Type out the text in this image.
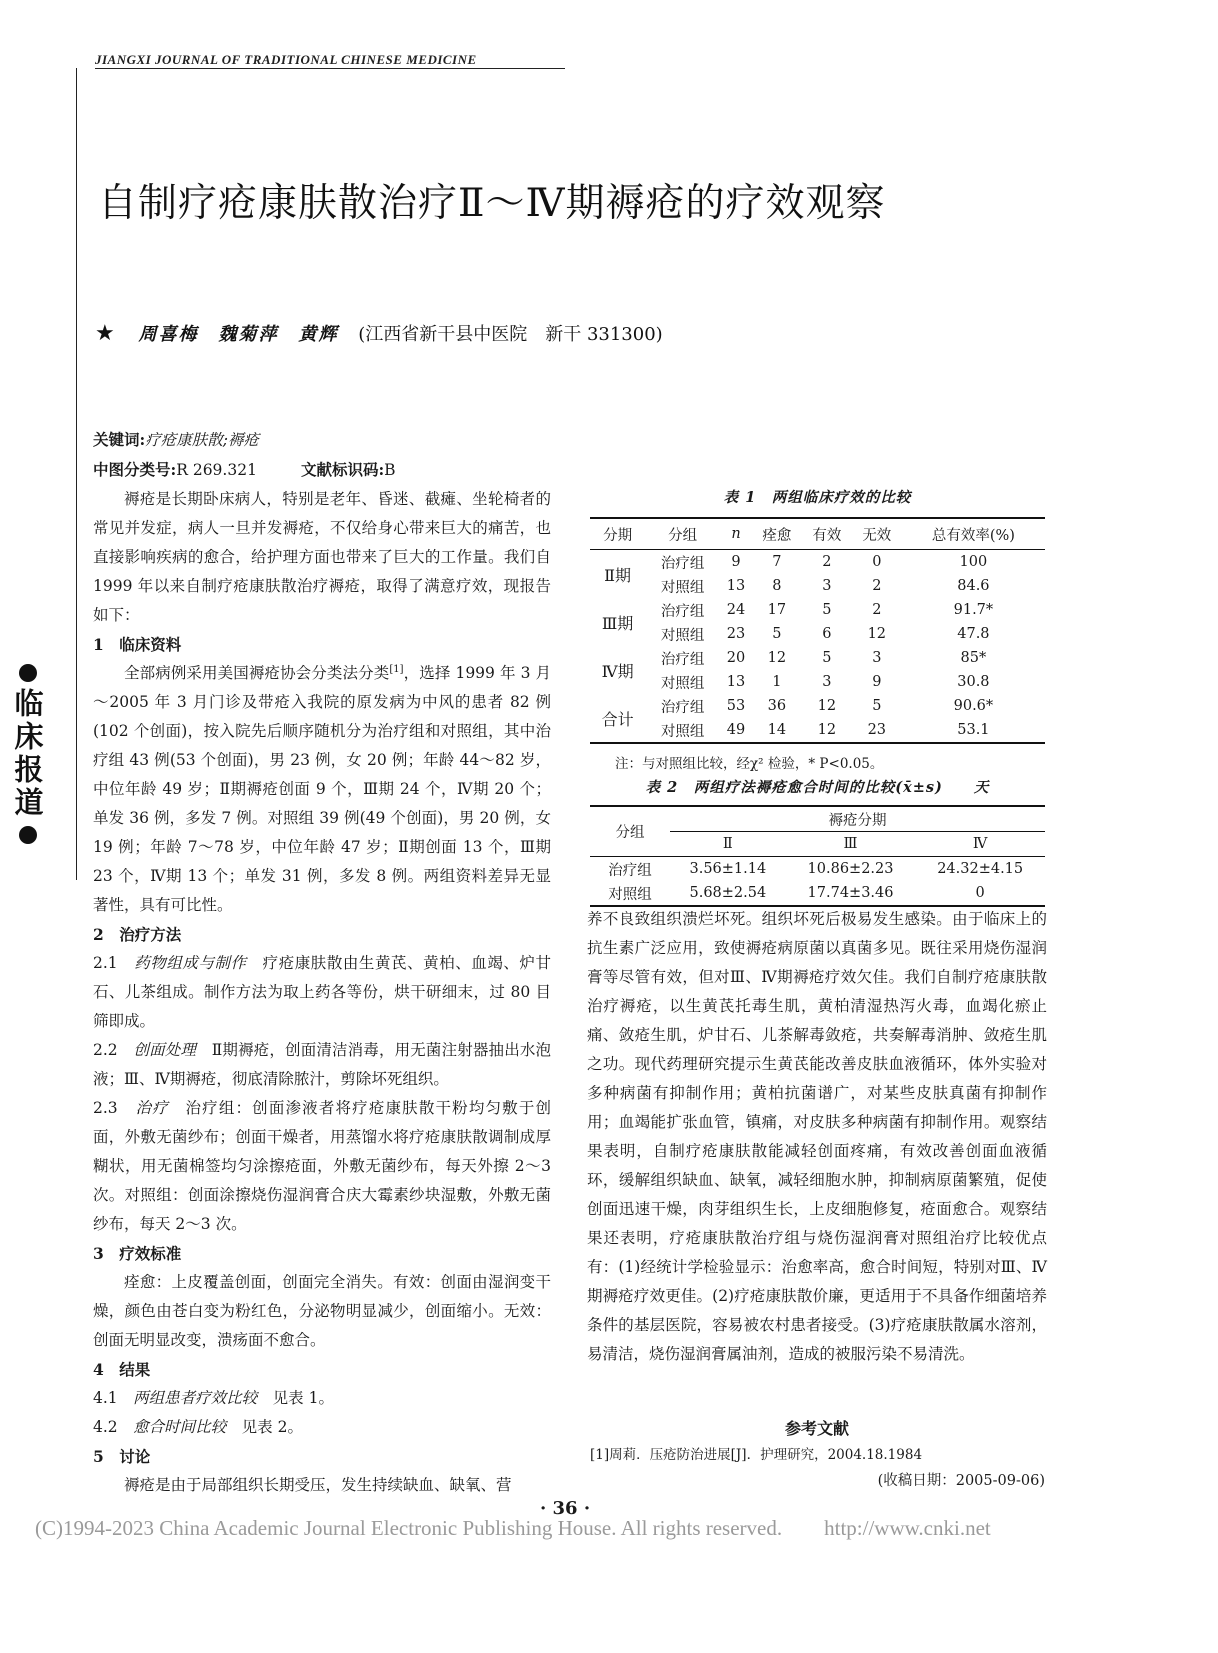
JIANGXI JOURNAL OF TRADITIONAL CHINESE MEDICINE
自制疗疮康肤散治疗Ⅱ～Ⅳ期褥疮的疗效观察
★ 周喜梅　魏菊萍　黄辉 (江西省新干县中医院　新干 331300)
临床报道

关键词:疗疮康肤散;褥疮

中图分类号:R 269.321	文献标识码:B

褥疮是长期卧床病人，特别是老年、昏迷、截瘫、坐轮椅者的常见并发症，病人一旦并发褥疮，不仅给身心带来巨大的痛苦，也直接影响疾病的愈合，给护理方面也带来了巨大的工作量。我们自 1999 年以来自制疗疮康肤散治疗褥疮，取得了满意疗效，现报告如下：

1　临床资料

全部病例采用美国褥疮协会分类法分类[1]，选择 1999 年 3 月～2005 年 3 月门诊及带疮入我院的原发病为中风的患者 82 例(102 个创面)，按入院先后顺序随机分为治疗组和对照组，其中治疗组 43 例(53 个创面)，男 23 例，女 20 例；年龄 44～82 岁，中位年龄 49 岁；Ⅱ期褥疮创面 9 个，Ⅲ期 24 个，Ⅳ期 20 个；单发 36 例，多发 7 例。对照组 39 例(49 个创面)，男 20 例，女 19 例；年龄 7～78 岁，中位年龄 47 岁；Ⅱ期创面 13 个，Ⅲ期 23 个，Ⅳ期 13 个；单发 31 例，多发 8 例。两组资料差异无显著性，具有可比性。

2　治疗方法

2.1　药物组成与制作　疗疮康肤散由生黄芪、黄柏、血竭、炉甘石、儿茶组成。制作方法为取上药各等份，烘干研细末，过 80 目筛即成。

2.2　创面处理　Ⅱ期褥疮，创面清洁消毒，用无菌注射器抽出水泡液；Ⅲ、Ⅳ期褥疮，彻底清除脓汁，剪除坏死组织。

2.3　治疗　治疗组：创面渗液者将疗疮康肤散干粉均匀敷于创面，外敷无菌纱布；创面干燥者，用蒸馏水将疗疮康肤散调制成厚糊状，用无菌棉签均匀涂擦疮面，外敷无菌纱布，每天外擦 2～3 次。对照组：创面涂擦烧伤湿润膏合庆大霉素纱块湿敷，外敷无菌纱布，每天 2～3 次。

3　疗效标准

痊愈：上皮覆盖创面，创面完全消失。有效：创面由湿润变干燥，颜色由苍白变为粉红色，分泌物明显减少，创面缩小。无效：创面无明显改变，溃疡面不愈合。

4　结果

4.1　两组患者疗效比较　见表 1。

4.2　愈合时间比较　见表 2。

5　讨论

褥疮是由于局部组织长期受压，发生持续缺血、缺氧、营

表 1　两组临床疗效的比较
分期	分组	n	痊愈	有效	无效	总有效率(%)
Ⅱ期	治疗组	9	7	2	0	100
	对照组	13	8	3	2	84.6
Ⅲ期	治疗组	24	17	5	2	91.7*
	对照组	23	5	6	12	47.8
Ⅳ期	治疗组	20	12	5	3	85*
	对照组	13	1	3	9	30.8
合计	治疗组	53	36	12	5	90.6*
	对照组	49	14	12	23	53.1
注：与对照组比较，经χ² 检验，* P<0.05。
表 2　两组疗法褥疮愈合时间的比较(x̄±s)　　天
分组	褥疮分期		
	Ⅱ	Ⅲ	Ⅳ
治疗组	3.56±1.14	10.86±2.23	24.32±4.15
对照组	5.68±2.54	17.74±3.46	0

养不良致组织溃烂坏死。组织坏死后极易发生感染。由于临床上的抗生素广泛应用，致使褥疮病原菌以真菌多见。既往采用烧伤湿润膏等尽管有效，但对Ⅲ、Ⅳ期褥疮疗效欠佳。我们自制疗疮康肤散治疗褥疮，以生黄芪托毒生肌，黄柏清湿热泻火毒，血竭化瘀止痛、敛疮生肌，炉甘石、儿茶解毒敛疮，共奏解毒消肿、敛疮生肌之功。现代药理研究提示生黄芪能改善皮肤血液循环，体外实验对多种病菌有抑制作用；黄柏抗菌谱广，对某些皮肤真菌有抑制作用；血竭能扩张血管，镇痛，对皮肤多种病菌有抑制作用。观察结果表明，自制疗疮康肤散能减轻创面疼痛，有效改善创面血液循环，缓解组织缺血、缺氧，减轻细胞水肿，抑制病原菌繁殖，促使创面迅速干燥，肉芽组织生长，上皮细胞修复，疮面愈合。观察结果还表明，疗疮康肤散治疗组与烧伤湿润膏对照组治疗比较优点有：(1)经统计学检验显示：治愈率高，愈合时间短，特别对Ⅲ、Ⅳ期褥疮疗效更佳。(2)疗疮康肤散价廉，更适用于不具备作细菌培养条件的基层医院，容易被农村患者接受。(3)疗疮康肤散属水溶剂，易清洁，烧伤湿润膏属油剂，造成的被服污染不易清洗。

参考文献
[1]周莉．压疮防治进展[J]．护理研究，2004.18.1984
(收稿日期：2005-09-06)
· 36 ·
(C)1994-2023 China Academic Journal Electronic Publishing House. All rights reserved.　　http://www.cnki.net
